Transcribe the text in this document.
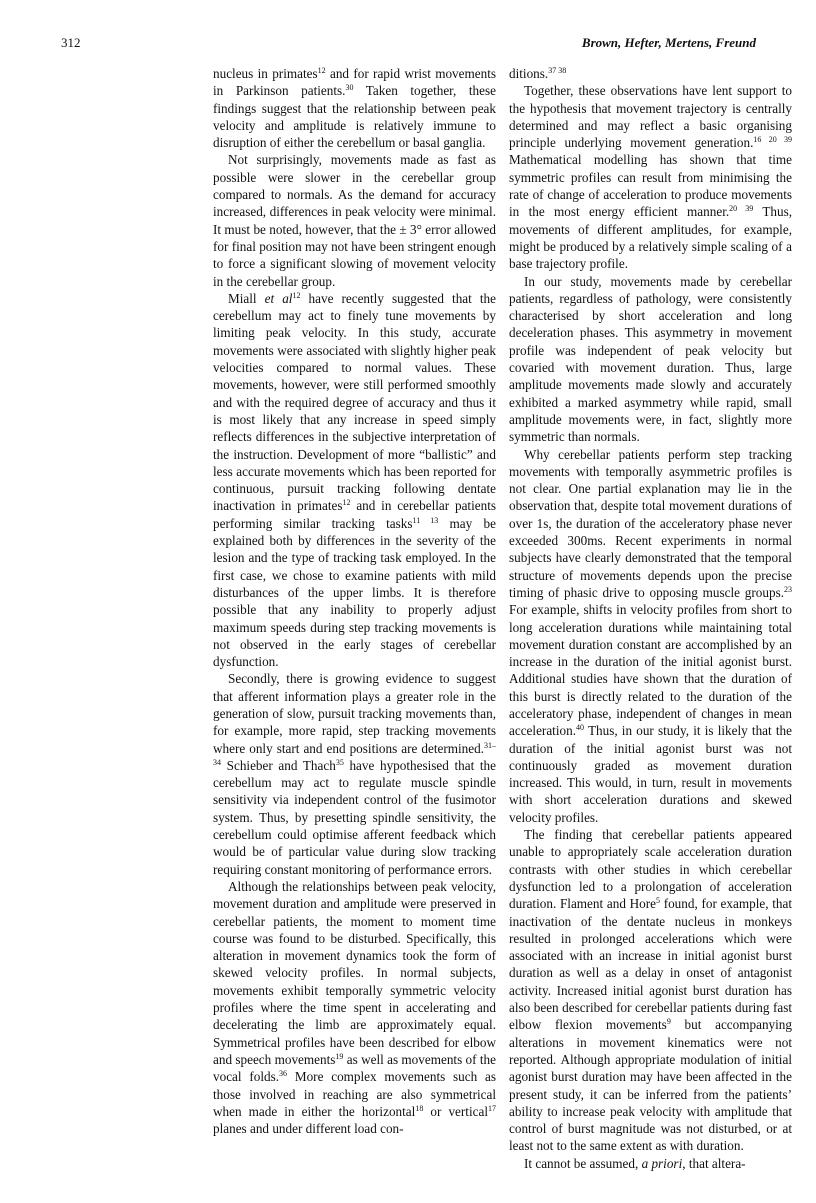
312	Brown, Hefter, Mertens, Freund

nucleus in primates$^{12}$ and for rapid wrist movements in Parkinson patients.$^{30}$ Taken together, these findings suggest that the relationship between peak velocity and amplitude is relatively immune to disruption of either the cerebellum or basal ganglia.

Not surprisingly, movements made as fast as possible were slower in the cerebellar group compared to normals. As the demand for accuracy increased, differences in peak velocity were minimal. It must be noted, however, that the ± 3° error allowed for final position may not have been stringent enough to force a significant slowing of movement velocity in the cerebellar group.

Miall et $al^{12}$ have recently suggested that the cerebellum may act to finely tune movements by limiting peak velocity. In this study, accurate movements were associated with slightly higher peak velocities compared to normal values. These movements, however, were still performed smoothly and with the required degree of accuracy and thus it is most likely that any increase in speed simply reflects differences in the subjective interpretation of the instruction. Development of more “ballistic” and less accurate movements which has been reported for continuous, pursuit tracking following dentate inactivation in primates$^{12}$ and in cerebellar patients performing similar tracking tasks$^{11 13}$ may be explained both by differences in the severity of the lesion and the type of tracking task employed. In the first case, we chose to examine patients with mild disturbances of the upper limbs. It is therefore possible that any inability to properly adjust maximum speeds during step tracking movements is not observed in the early stages of cerebellar dysfunction.

Secondly, there is growing evidence to suggest that afferent information plays a greater role in the generation of slow, pursuit tracking movements than, for example, more rapid, step tracking movements where only start and end positions are determined.$^{31-34}$ Schieber and Thach$^{35}$ have hypothesised that the cerebellum may act to regulate muscle spindle sensitivity via independent control of the fusimotor system. Thus, by presetting spindle sensitivity, the cerebellum could optimise afferent feedback which would be of particular value during slow tracking requiring constant monitoring of performance errors.

Although the relationships between peak velocity, movement duration and amplitude were preserved in cerebellar patients, the moment to moment time course was found to be disturbed. Specifically, this alteration in movement dynamics took the form of skewed velocity profiles. In normal subjects, movements exhibit temporally symmetric velocity profiles where the time spent in accelerating and decelerating the limb are approximately equal. Symmetrical profiles have been described for elbow and speech movements$^{19}$ as well as movements of the vocal folds.$^{36}$ More complex movements such as those involved in reaching are also symmetrical when made in either the horizontal$^{18}$ or vertical$^{17}$ planes and under different load con-

ditions.$^{37 38}$

Together, these observations have lent support to the hypothesis that movement trajectory is centrally determined and may reflect a basic organising principle underlying movement generation.$^{16 20 39}$ Mathematical modelling has shown that time symmetric profiles can result from minimising the rate of change of acceleration to produce movements in the most energy efficient manner.$^{20 39}$ Thus, movements of different amplitudes, for example, might be produced by a relatively simple scaling of a base trajectory profile.

In our study, movements made by cerebellar patients, regardless of pathology, were consistently characterised by short acceleration and long deceleration phases. This asymmetry in movement profile was independent of peak velocity but covaried with movement duration. Thus, large amplitude movements made slowly and accurately exhibited a marked asymmetry while rapid, small amplitude movements were, in fact, slightly more symmetric than normals.

Why cerebellar patients perform step tracking movements with temporally asymmetric profiles is not clear. One partial explanation may lie in the observation that, despite total movement durations of over 1s, the duration of the acceleratory phase never exceeded 300ms. Recent experiments in normal subjects have clearly demonstrated that the temporal structure of movements depends upon the precise timing of phasic drive to opposing muscle groups.$^{23}$ For example, shifts in velocity profiles from short to long acceleration durations while maintaining total movement duration constant are accomplished by an increase in the duration of the initial agonist burst. Additional studies have shown that the duration of this burst is directly related to the duration of the acceleratory phase, independent of changes in mean acceleration.$^{40}$ Thus, in our study, it is likely that the duration of the initial agonist burst was not continuously graded as movement duration increased. This would, in turn, result in movements with short acceleration durations and skewed velocity profiles.

The finding that cerebellar patients appeared unable to appropriately scale acceleration duration contrasts with other studies in which cerebellar dysfunction led to a prolongation of acceleration duration. Flament and Hore$^5$ found, for example, that inactivation of the dentate nucleus in monkeys resulted in prolonged accelerations which were associated with an increase in initial agonist burst duration as well as a delay in onset of antagonist activity. Increased initial agonist burst duration has also been described for cerebellar patients during fast elbow flexion movements$^9$ but accompanying alterations in movement kinematics were not reported. Although appropriate modulation of initial agonist burst duration may have been affected in the present study, it can be inferred from the patients’ ability to increase peak velocity with amplitude that control of burst magnitude was not disturbed, or at least not to the same extent as with duration.

It cannot be assumed, a priori, that altera-
